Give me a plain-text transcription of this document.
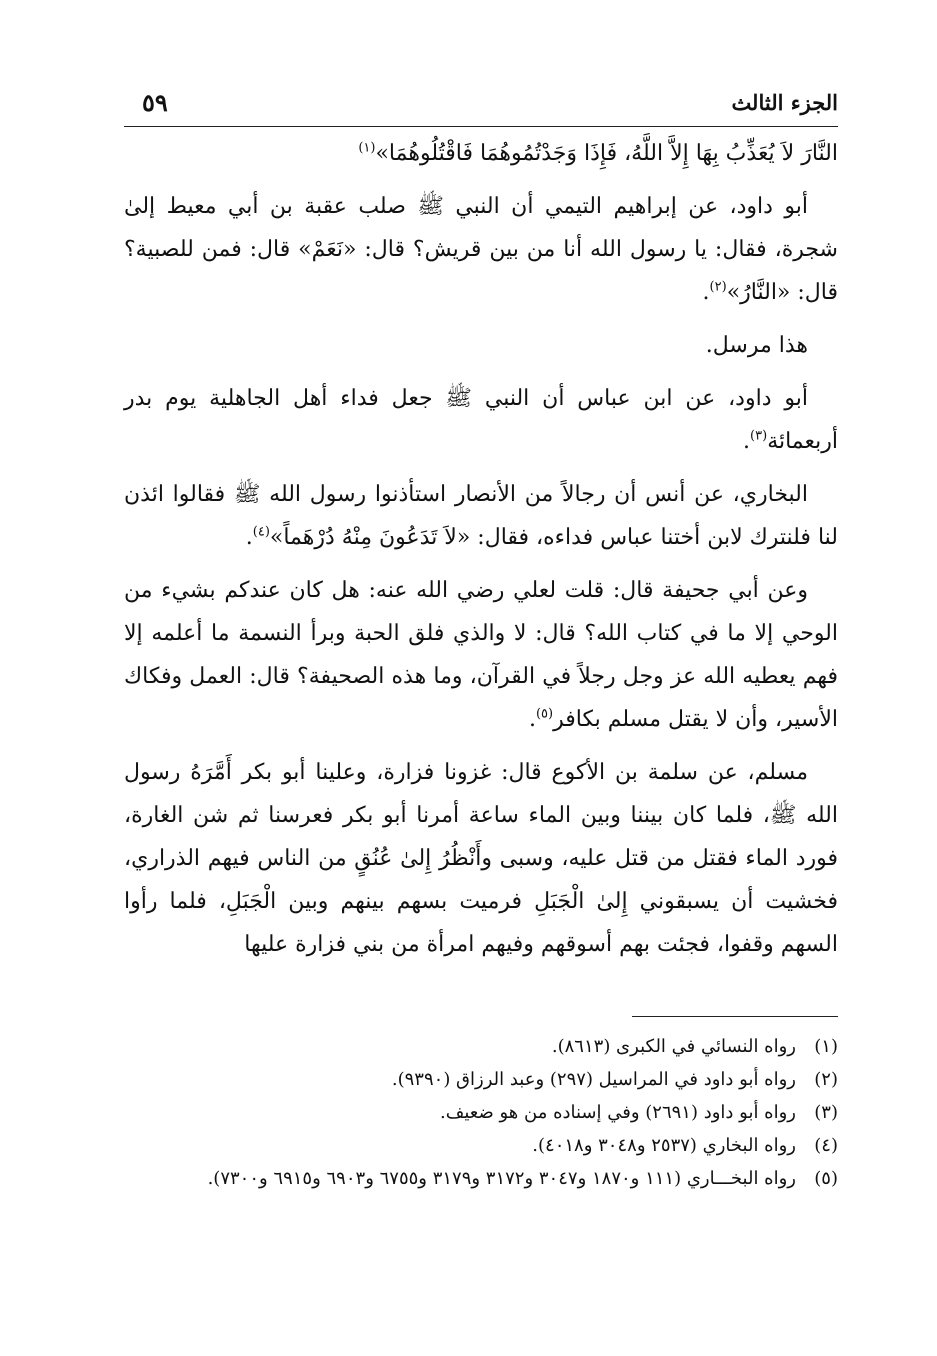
الجزء الثالث
٥٩

النَّارَ لاَ يُعَذِّبُ بِهَا إِلاَّ اللَّهُ، فَإِذَا وَجَدْتُمُوهُمَا فَاقْتُلُوهُمَا»$^{(١)}$

أبو داود، عن إبراهيم التيمي أن النبي ﷺ صلب عقبة بن أبي معيط إلىٰ شجرة، فقال: يا رسول الله أنا من بين قريش؟ قال: «نَعَمْ» قال: فمن للصبية؟ قال: «النَّارُ»$^{(٢)}$.

هذا مرسل.

أبو داود، عن ابن عباس أن النبي ﷺ جعل فداء أهل الجاهلية يوم بدر أربعمائة$^{(٣)}$.

البخاري، عن أنس أن رجالاً من الأنصار استأذنوا رسول الله ﷺ فقالوا ائذن لنا فلنترك لابن أختنا عباس فداءه، فقال: «لاَ تَدَعُونَ مِنْهُ دُرْهَماً»$^{(٤)}$.

وعن أبي جحيفة قال: قلت لعلي رضي الله عنه: هل كان عندكم بشيء من الوحي إلا ما في كتاب الله؟ قال: لا والذي فلق الحبة وبرأ النسمة ما أعلمه إلا فهم يعطيه الله عز وجل رجلاً في القرآن، وما هذه الصحيفة؟ قال: العمل وفكاك الأسير، وأن لا يقتل مسلم بكافر$^{(٥)}$.

مسلم، عن سلمة بن الأكوع قال: غزونا فزارة، وعلينا أبو بكر أَمَّرَهُ رسول الله ﷺ، فلما كان بيننا وبين الماء ساعة أمرنا أبو بكر فعرسنا ثم شن الغارة، فورد الماء فقتل من قتل عليه، وسبى وأَنْظُرُ إِلىٰ عُنُقٍ من الناس فيهم الذراري، فخشيت أن يسبقوني إِلىٰ الْجَبَلِ فرميت بسهم بينهم وبين الْجَبَلِ، فلما رأوا السهم وقفوا، فجئت بهم أسوقهم وفيهم امرأة من بني فزارة عليها

(١)
رواه النسائي في الكبرى (٨٦١٣).

(٢)
رواه أبو داود في المراسيل (٢٩٧) وعبد الرزاق (٩٣٩٠).

(٣)
رواه أبو داود (٢٦٩١) وفي إسناده من هو ضعيف.

(٤)
رواه البخاري (٢٥٣٧ و٣٠٤٨ و٤٠١٨).

(٥)
رواه البخـــاري (١١١ و١٨٧٠ و٣٠٤٧ و٣١٧٢ و٣١٧٩ و٦٧٥٥ و٦٩٠٣ و٦٩١٥ و٧٣٠٠).
